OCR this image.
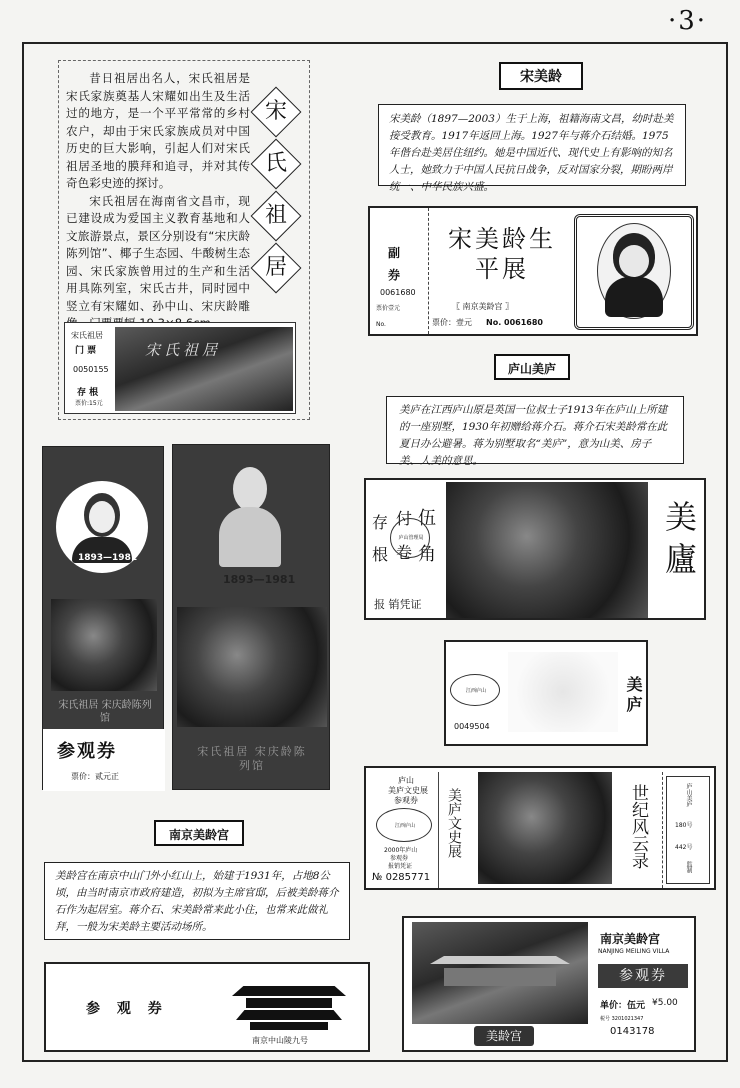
·3·

昔日祖居出名人，宋氏祖居是宋氏家族奠基人宋耀如出生及生活过的地方，是一个平平常常的乡村农户，却由于宋氏家族成员对中国历史的巨大影响，引起人们对宋氏祖居圣地的膜拜和追寻，并对其传奇色彩史迹的探讨。

宋氏祖居在海南省文昌市，现已建设成为爱国主义教育基地和人文旅游景点，景区分别设有“宋庆龄陈列馆”、椰子生态园、牛酸树生态园、宋氏家族曾用过的生产和生活用具陈列室，宋氏古井，同时园中竖立有宋耀如、孙中山、宋庆龄雕

宋
氏
祖
居
宋氏祖居
门 票
0050155
存 根
票价:15元
宋氏祖居
1893—1981
宋氏祖居 宋庆龄陈列馆
参观券
票价：贰元正
1893—1981
宋氏祖居 宋庆龄陈列馆
宋美龄
宋美龄（1897—2003）生于上海，祖籍海南文昌，幼时赴美接受教育。1917年返回上海。1927年与蒋介石结婚。1975年偕台赴美居住纽约。她是中国近代、现代史上有影响的知名人士，她致力于中国人民抗日战争，反对国家分裂，期盼两岸统一、中华民族兴盛。
副
券
0061680
票价壹元
No.
宋美龄生平展
〖 南京美龄宫 〗
票价：壹元 No. 0061680
庐山美庐
美庐在江西庐山原是英国一位叔士子1913年在庐山上所建的一座别墅，1930年初赠给蒋介石。蒋介石宋美龄常在此夏日办公避暑。蒋为别墅取名“美庐”，意为山美、房子美、人美的意思。
存
根
付
卷
伍
角
庐山管理局
报 销凭证
美廬
江西庐山
0049504
美庐
庐山
美庐文史展
参观券
江西庐山
2000年庐山
参观券
报销凭证
№ 0285771
美庐文史展	世纪风云录	庐山美庐
180号
442号
监制
南京美龄宫
美龄宫在南京中山门外小红山上，始建于1931年，占地8公顷，由当时南京市政府建造，初拟为主席官邸，后被美龄蒋介石作为起居室。蒋介石、宋美龄常来此小住，也常来此做礼拜，一般为宋美龄主要活动场所。
参 观 券
南京中山陵九号	美龄宫
南京美龄宫
NANJING MEILING VILLA
参观券
单价：伍元 ¥5.00
税号 3201021347
0143178
